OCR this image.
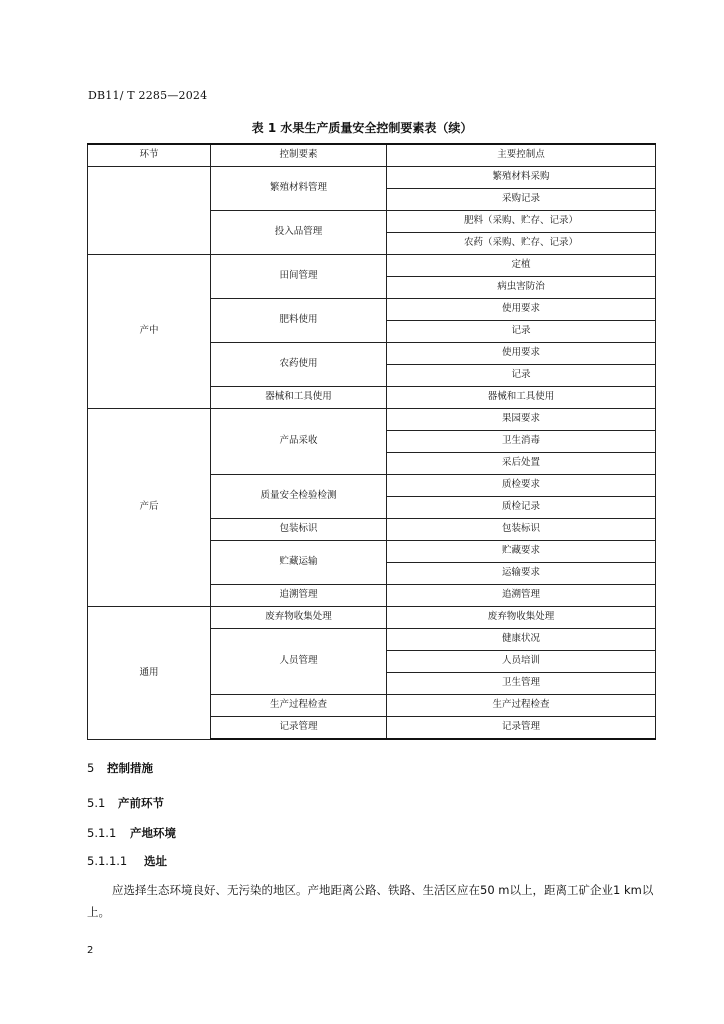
DB11/ T 2285—2024
表 1 水果生产质量安全控制要素表（续）
环节	控制要素	主要控制点
	繁殖材料管理	繁殖材料采购
		采购记录
	投入品管理	肥料（采购、贮存、记录）
		农药（采购、贮存、记录）
产中	田间管理	定植
		病虫害防治
	肥料使用	使用要求
		记录
	农药使用	使用要求
		记录
	器械和工具使用	器械和工具使用
产后	产品采收	果园要求
		卫生消毒
		采后处置
	质量安全检验检测	质检要求
		质检记录
	包装标识	包装标识
	贮藏运输	贮藏要求
		运输要求
	追溯管理	追溯管理
通用	废弃物收集处理	废弃物收集处理
	人员管理	健康状况
		人员培训
		卫生管理
	生产过程检查	生产过程检查
	记录管理	记录管理
5 控制措施
5.1 产前环节
5.1.1 产地环境
5.1.1.1 选址

应选择生态环境良好、无污染的地区。产地距离公路、铁路、生活区应在50 m以上，距离工矿企业1 km以上。

2
